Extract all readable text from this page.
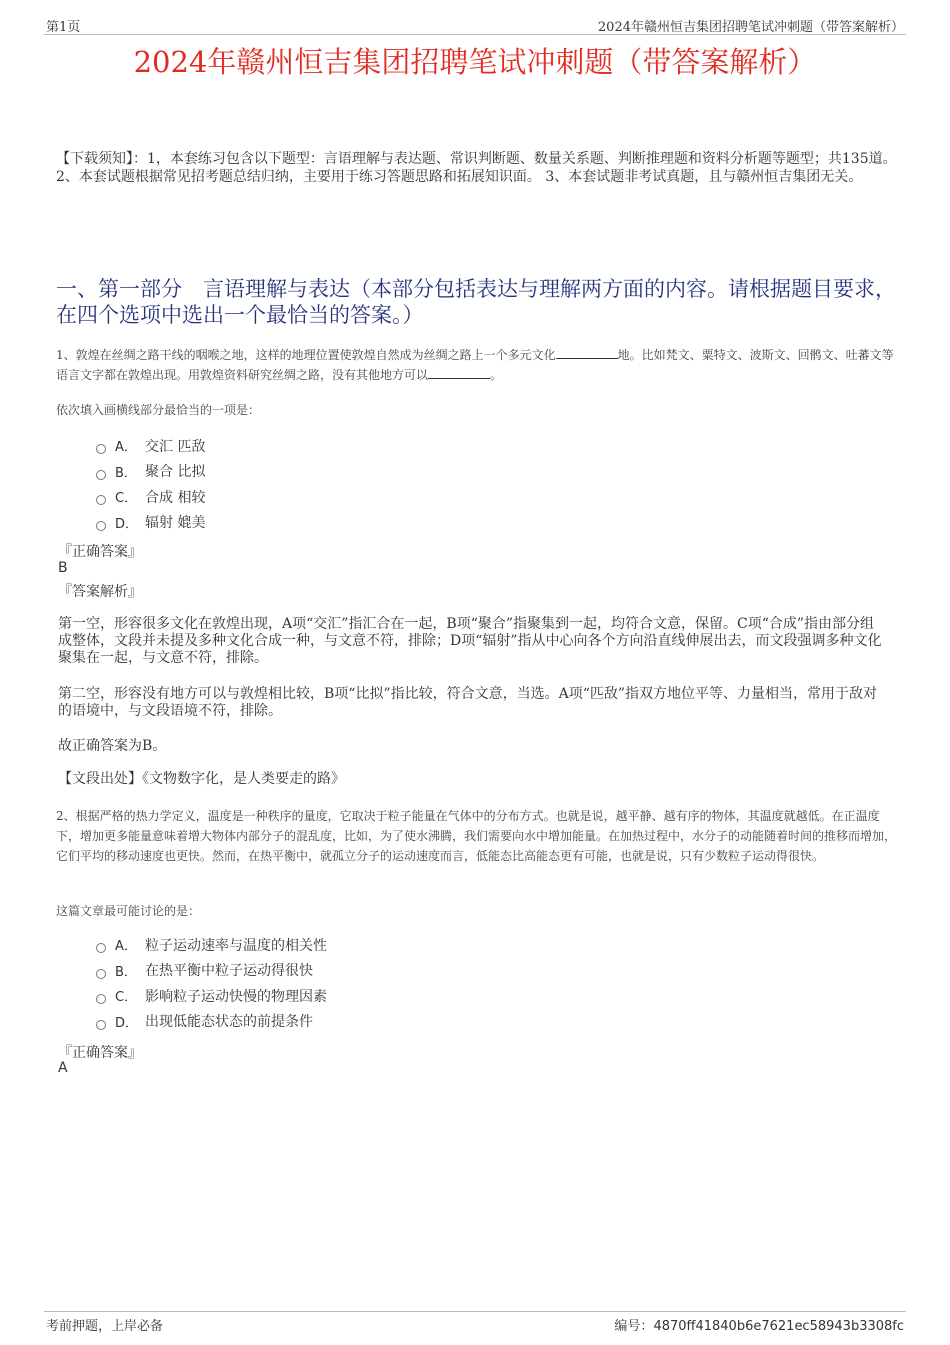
第1页	2024年赣州恒吉集团招聘笔试冲刺题（带答案解析）
2024年赣州恒吉集团招聘笔试冲刺题（带答案解析）
【下载须知】：1，本套练习包含以下题型：言语理解与表达题、常识判断题、数量关系题、判断推理题和资料分析题等题型；共135道。 2、本套试题根据常见招考题总结归纳，主要用于练习答题思路和拓展知识面。 3、本套试题非考试真题，且与赣州恒吉集团无关。
一、第一部分　言语理解与表达（本部分包括表达与理解两方面的内容。请根据题目要求，在四个选项中选出一个最恰当的答案。）
1、敦煌在丝绸之路干线的咽喉之地，这样的地理位置使敦煌自然成为丝绸之路上一个多元文化	地。比如梵文、粟特文、波斯文、回鹘文、吐蕃文等语言文字都在敦煌出现。用敦煌资料研究丝绸之路，没有其他地方可以	。
依次填入画横线部分最恰当的一项是：
A． 交汇 匹敌
B． 聚合 比拟
C． 合成 相较
D． 辐射 媲美
『正确答案』
B
『答案解析』
第一空，形容很多文化在敦煌出现，A项“交汇”指汇合在一起，B项“聚合”指聚集到一起，均符合文意，保留。C项“合成”指由部分组成整体，文段并未提及多种文化合成一种，与文意不符，排除；D项“辐射”指从中心向各个方向沿直线伸展出去，而文段强调多种文化聚集在一起，与文意不符，排除。
第二空，形容没有地方可以与敦煌相比较，B项“比拟”指比较，符合文意，当选。A项“匹敌”指双方地位平等、力量相当，常用于敌对的语境中，与文段语境不符，排除。
故正确答案为B。
【文段出处】《文物数字化，是人类要走的路》
2、根据严格的热力学定义，温度是一种秩序的量度，它取决于粒子能量在气体中的分布方式。也就是说，越平静、越有序的物体，其温度就越低。在正温度下，增加更多能量意味着增大物体内部分子的混乱度，比如，为了使水沸腾，我们需要向水中增加能量。在加热过程中，水分子的动能随着时间的推移而增加，它们平均的移动速度也更快。然而，在热平衡中，就孤立分子的运动速度而言，低能态比高能态更有可能，也就是说，只有少数粒子运动得很快。
这篇文章最可能讨论的是：
A． 粒子运动速率与温度的相关性
B． 在热平衡中粒子运动得很快
C． 影响粒子运动快慢的物理因素
D． 出现低能态状态的前提条件
『正确答案』
A
考前押题，上岸必备	编号：4870ff41840b6e7621ec58943b3308fc
